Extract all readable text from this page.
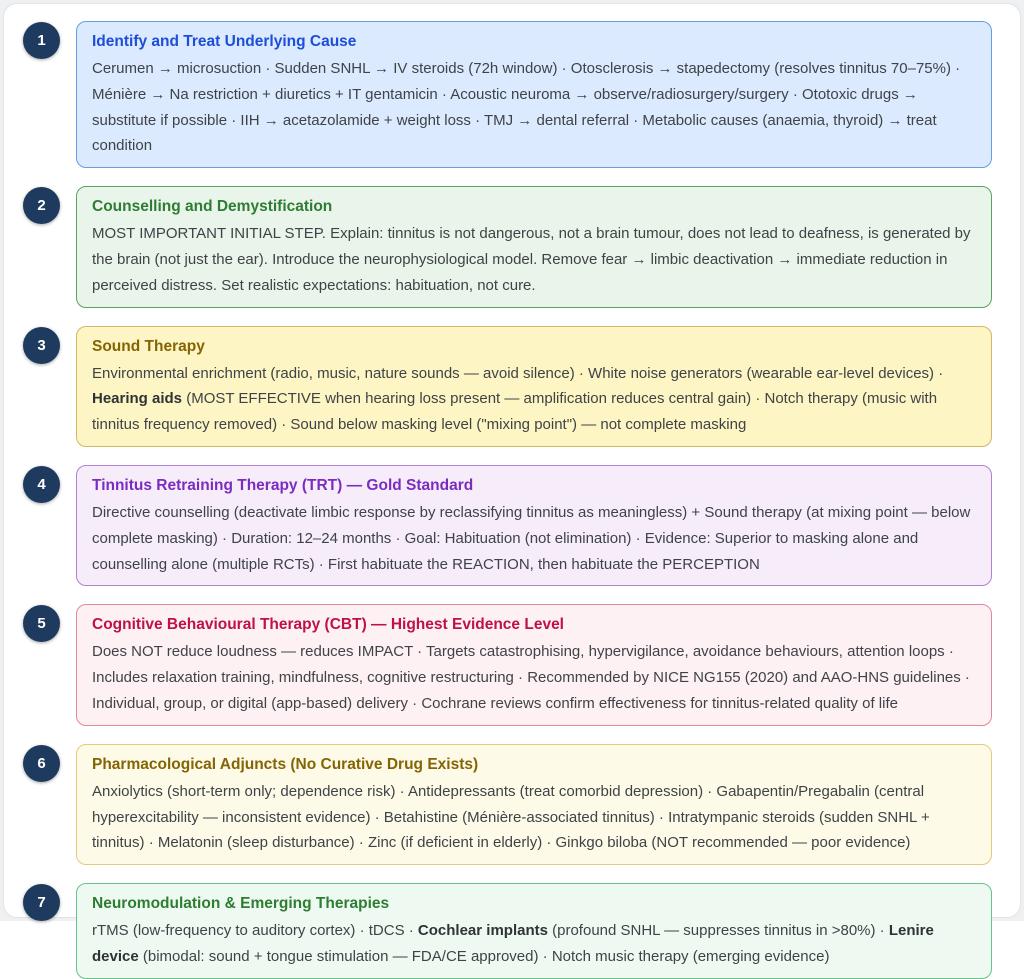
1	Identify and Treat Underlying Cause
Cerumen → microsuction · Sudden SNHL → IV steroids (72h window) · Otosclerosis → stapedectomy (resolves tinnitus 70–75%) · Ménière → Na restriction + diuretics + IT gentamicin · Acoustic neuroma → observe/radiosurgery/surgery · Ototoxic drugs → substitute if possible · IIH → acetazolamide + weight loss · TMJ → dental referral · Metabolic causes (anaemia, thyroid) → treat condition
2	Counselling and Demystification
MOST IMPORTANT INITIAL STEP. Explain: tinnitus is not dangerous, not a brain tumour, does not lead to deafness, is generated by the brain (not just the ear). Introduce the neurophysiological model. Remove fear → limbic deactivation → immediate reduction in perceived distress. Set realistic expectations: habituation, not cure.
3	Sound Therapy
Environmental enrichment (radio, music, nature sounds — avoid silence) · White noise generators (wearable ear-level devices) · Hearing aids (MOST EFFECTIVE when hearing loss present — amplification reduces central gain) · Notch therapy (music with tinnitus frequency removed) · Sound below masking level ("mixing point") — not complete masking
4	Tinnitus Retraining Therapy (TRT) — Gold Standard
Directive counselling (deactivate limbic response by reclassifying tinnitus as meaningless) + Sound therapy (at mixing point — below complete masking) · Duration: 12–24 months · Goal: Habituation (not elimination) · Evidence: Superior to masking alone and counselling alone (multiple RCTs) · First habituate the REACTION, then habituate the PERCEPTION
5	Cognitive Behavioural Therapy (CBT) — Highest Evidence Level
Does NOT reduce loudness — reduces IMPACT · Targets catastrophising, hypervigilance, avoidance behaviours, attention loops · Includes relaxation training, mindfulness, cognitive restructuring · Recommended by NICE NG155 (2020) and AAO-HNS guidelines · Individual, group, or digital (app-based) delivery · Cochrane reviews confirm effectiveness for tinnitus-related quality of life
6	Pharmacological Adjuncts (No Curative Drug Exists)
Anxiolytics (short-term only; dependence risk) · Antidepressants (treat comorbid depression) · Gabapentin/Pregabalin (central hyperexcitability — inconsistent evidence) · Betahistine (Ménière-associated tinnitus) · Intratympanic steroids (sudden SNHL + tinnitus) · Melatonin (sleep disturbance) · Zinc (if deficient in elderly) · Ginkgo biloba (NOT recommended — poor evidence)
7	Neuromodulation & Emerging Therapies
rTMS (low-frequency to auditory cortex) · tDCS · Cochlear implants (profound SNHL — suppresses tinnitus in >80%) · Lenire device (bimodal: sound + tongue stimulation — FDA/CE approved) · Notch music therapy (emerging evidence)
